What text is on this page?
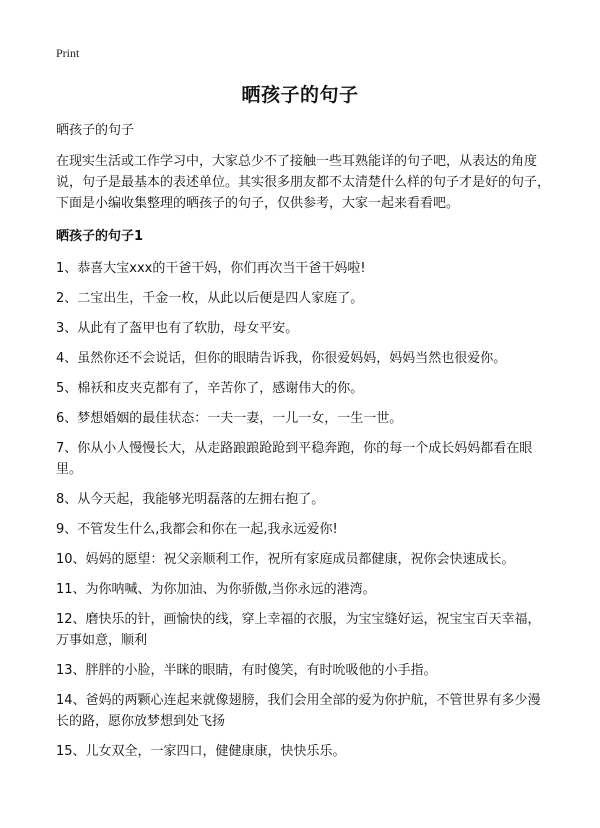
Print
晒孩子的句子

晒孩子的句子

在现实生活或工作学习中，大家总少不了接触一些耳熟能详的句子吧，从表达的角度说，句子是最基本的表述单位。其实很多朋友都不太清楚什么样的句子才是好的句子，下面是小编收集整理的晒孩子的句子，仅供参考，大家一起来看看吧。

晒孩子的句子1

1、恭喜大宝xxx的干爸干妈，你们再次当干爸干妈啦!
2、二宝出生，千金一枚，从此以后便是四人家庭了。
3、从此有了盔甲也有了软肋，母女平安。
4、虽然你还不会说话，但你的眼睛告诉我，你很爱妈妈，妈妈当然也很爱你。
5、棉袄和皮夹克都有了，辛苦你了，感谢伟大的你。
6、梦想婚姻的最佳状态：一夫一妻，一儿一女，一生一世。
7、你从小人慢慢长大，从走路踉踉跄跄到平稳奔跑，你的每一个成长妈妈都看在眼里。
8、从今天起，我能够光明磊落的左拥右抱了。
9、不管发生什么,我都会和你在一起,我永远爱你!
10、妈妈的愿望：祝父亲顺利工作，祝所有家庭成员都健康，祝你会快速成长。
11、为你呐喊、为你加油、为你骄傲,当你永远的港湾。
12、磨快乐的针，画愉快的线，穿上幸福的衣服，为宝宝缝好运，祝宝宝百天幸福，万事如意，顺利
13、胖胖的小脸，半眯的眼睛，有时傻笑，有时吮吸他的小手指。
14、爸妈的两颗心连起来就像翅膀，我们会用全部的爱为你护航，不管世界有多少漫长的路，愿你放梦想到处飞扬
15、儿女双全，一家四口，健健康康，快快乐乐。
